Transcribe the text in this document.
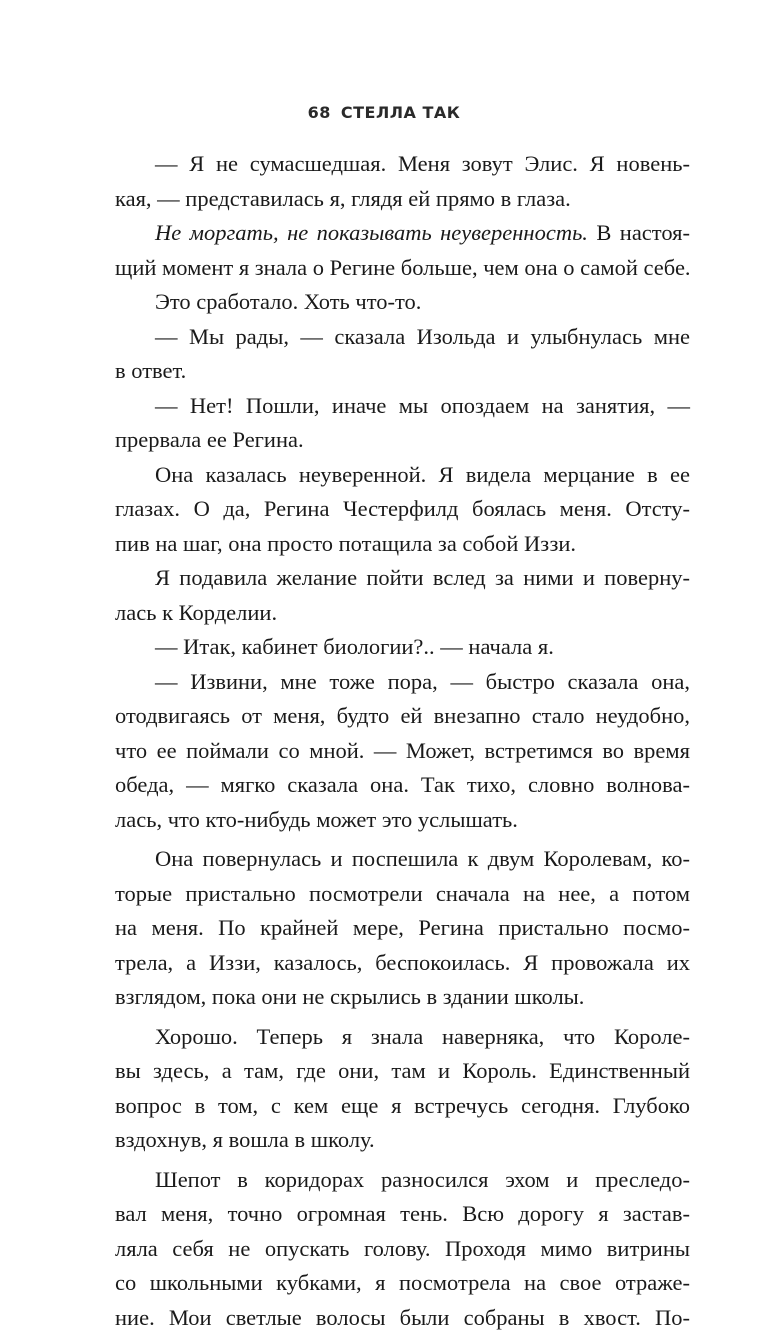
68 СТЕЛЛА ТАК
— Я не сумасшедшая. Меня зовут Элис. Я новень-
кая, — представилась я, глядя ей прямо в глаза.
Не моргать, не показывать неуверенность. В настоя-
щий момент я знала о Регине больше, чем она о самой себе.
Это сработало. Хоть что-то.
— Мы рады, — сказала Изольда и улыбнулась мне
в ответ.
— Нет! Пошли, иначе мы опоздаем на занятия, —
прервала ее Регина.
Она казалась неуверенной. Я видела мерцание в ее
глазах. О да, Регина Честерфилд боялась меня. Отсту-
пив на шаг, она просто потащила за собой Иззи.
Я подавила желание пойти вслед за ними и поверну-
лась к Корделии.
— Итак, кабинет биологии?.. — начала я.
— Извини, мне тоже пора, — быстро сказала она,
отодвигаясь от меня, будто ей внезапно стало неудобно,
что ее поймали со мной. — Может, встретимся во время
обеда, — мягко сказала она. Так тихо, словно волнова-
лась, что кто-нибудь может это услышать.
Она повернулась и поспешила к двум Королевам, ко-
торые пристально посмотрели сначала на нее, а потом
на меня. По крайней мере, Регина пристально посмо-
трела, а Иззи, казалось, беспокоилась. Я провожала их
взглядом, пока они не скрылись в здании школы.
Хорошо. Теперь я знала наверняка, что Короле-
вы здесь, а там, где они, там и Король. Единственный
вопрос в том, с кем еще я встречусь сегодня. Глубоко
вздохнув, я вошла в школу.
Шепот в коридорах разносился эхом и преследо-
вал меня, точно огромная тень. Всю дорогу я застав-
ляла себя не опускать голову. Проходя мимо витрины
со школьными кубками, я посмотрела на свое отраже-
ние. Мои светлые волосы были собраны в хвост. По-
